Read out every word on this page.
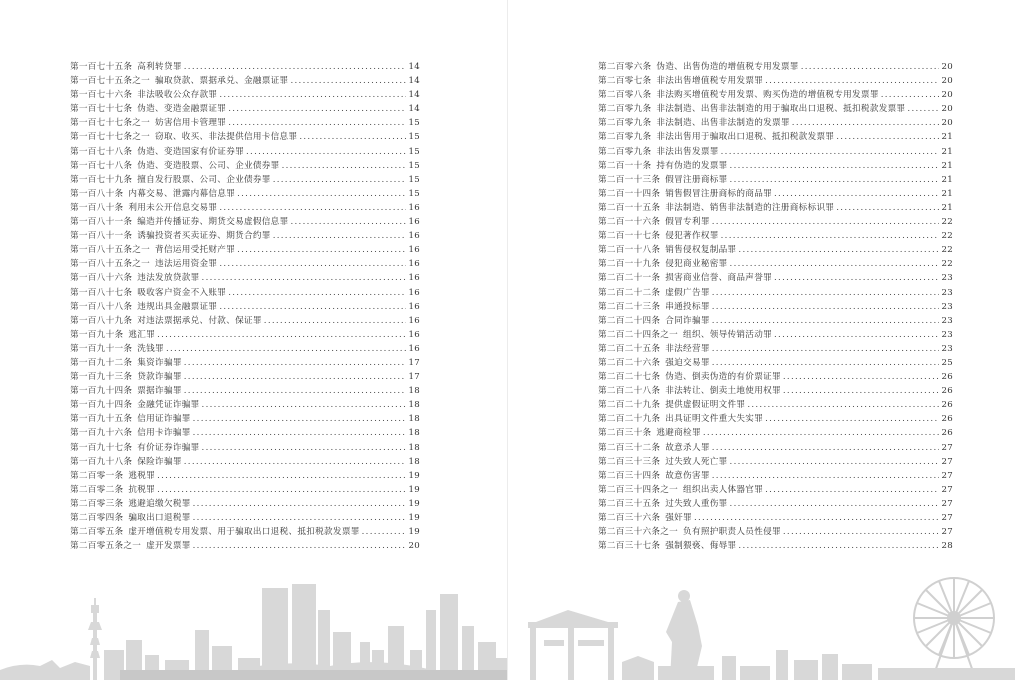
第一百七十五条 高利转贷罪 .....	14
第一百七十五条之一 骗取贷款、票据承兑、金融票证罪 .....	14
第一百七十六条 非法吸收公众存款罪 .....	14
第一百七十七条 伪造、变造金融票证罪 .....	14
第一百七十七条之一 妨害信用卡管理罪 .....	15
第一百七十七条之一 窃取、收买、非法提供信用卡信息罪 .....	15
第一百七十八条 伪造、变造国家有价证券罪 .....	15
第一百七十八条 伪造、变造股票、公司、企业债券罪 .....	15
第一百七十九条 擅自发行股票、公司、企业债券罪 .....	15
第一百八十条 内幕交易、泄露内幕信息罪 .....	15
第一百八十条 利用未公开信息交易罪 .....	16
第一百八十一条 编造并传播证券、期货交易虚假信息罪 .....	16
第一百八十一条 诱骗投资者买卖证券、期货合约罪 .....	16
第一百八十五条之一 背信运用受托财产罪 .....	16
第一百八十五条之一 违法运用资金罪 .....	16
第一百八十六条 违法发放贷款罪 .....	16
第一百八十七条 吸收客户资金不入账罪 .....	16
第一百八十八条 违规出具金融票证罪 .....	16
第一百八十九条 对违法票据承兑、付款、保证罪 .....	16
第一百九十条 逃汇罪 .....	16
第一百九十一条 洗钱罪 .....	16
第一百九十二条 集资诈骗罪 .....	17
第一百九十三条 贷款诈骗罪 .....	17
第一百九十四条 票据诈骗罪 .....	18
第一百九十四条 金融凭证诈骗罪 .....	18
第一百九十五条 信用证诈骗罪 .....	18
第一百九十六条 信用卡诈骗罪 .....	18
第一百九十七条 有价证券诈骗罪 .....	18
第一百九十八条 保险诈骗罪 .....	18
第二百零一条 逃税罪 .....	19
第二百零二条 抗税罪 .....	19
第二百零三条 逃避追缴欠税罪 .....	19
第二百零四条 骗取出口退税罪 .....	19
第二百零五条 虚开增值税专用发票、用于骗取出口退税、抵扣税款发票罪 .....	19
第二百零五条之一 虚开发票罪 .....	20
第二百零六条 伪造、出售伪造的增值税专用发票罪 .....	20
第二百零七条 非法出售增值税专用发票罪 .....	20
第二百零八条 非法购买增值税专用发票、购买伪造的增值税专用发票罪 .....	20
第二百零九条 非法制造、出售非法制造的用于骗取出口退税、抵扣税款发票罪 .....	20
第二百零九条 非法制造、出售非法制造的发票罪 .....	20
第二百零九条 非法出售用于骗取出口退税、抵扣税款发票罪 .....	21
第二百零九条 非法出售发票罪 .....	21
第二百一十条 持有伪造的发票罪 .....	21
第二百一十三条 假冒注册商标罪 .....	21
第二百一十四条 销售假冒注册商标的商品罪 .....	21
第二百一十五条 非法制造、销售非法制造的注册商标标识罪 .....	21
第二百一十六条 假冒专利罪 .....	22
第二百一十七条 侵犯著作权罪 .....	22
第二百一十八条 销售侵权复制品罪 .....	22
第二百一十九条 侵犯商业秘密罪 .....	22
第二百二十一条 损害商业信誉、商品声誉罪 .....	23
第二百二十二条 虚假广告罪 .....	23
第二百二十三条 串通投标罪 .....	23
第二百二十四条 合同诈骗罪 .....	23
第二百二十四条之一 组织、领导传销活动罪 .....	23
第二百二十五条 非法经营罪 .....	23
第二百二十六条 强迫交易罪 .....	25
第二百二十七条 伪造、倒卖伪造的有价票证罪 .....	26
第二百二十八条 非法转让、倒卖土地使用权罪 .....	26
第二百二十九条 提供虚假证明文件罪 .....	26
第二百二十九条 出具证明文件重大失实罪 .....	26
第二百三十条 逃避商检罪 .....	26
第二百三十二条 故意杀人罪 .....	27
第二百三十三条 过失致人死亡罪 .....	27
第二百三十四条 故意伤害罪 .....	27
第二百三十四条之一 组织出卖人体器官罪 .....	27
第二百三十五条 过失致人重伤罪 .....	27
第二百三十六条 强奸罪 .....	27
第二百三十六条之一 负有照护职责人员性侵罪 .....	27
第二百三十七条 强制猥亵、侮辱罪 .....	28
